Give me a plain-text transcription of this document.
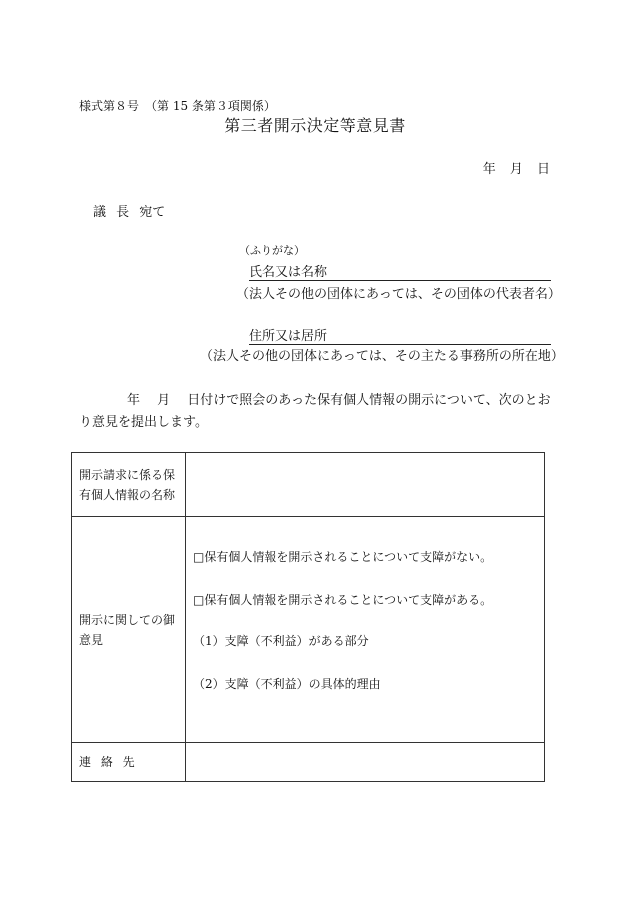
様式第８号　（第 15 条第３項関係）
第三者開示決定等意見書
年 月 日
議 長 宛て
（ふりがな）
氏名又は名称
（法人その他の団体にあっては、その団体の代表者名）
住所又は居所
（法人その他の団体にあっては、その主たる事務所の所在地）
年　 月　 日付けで照会のあった保有個人情報の開示について、次のとおり意見を提出します。
開示請求に係る保有個人情報の名称	
開示に関しての御意見	□保有個人情報を開示されることについて支障がない。
□保有個人情報を開示されることについて支障がある。
（1）支障（不利益）がある部分
（2）支障（不利益）の具体的理由

連 絡 先	
